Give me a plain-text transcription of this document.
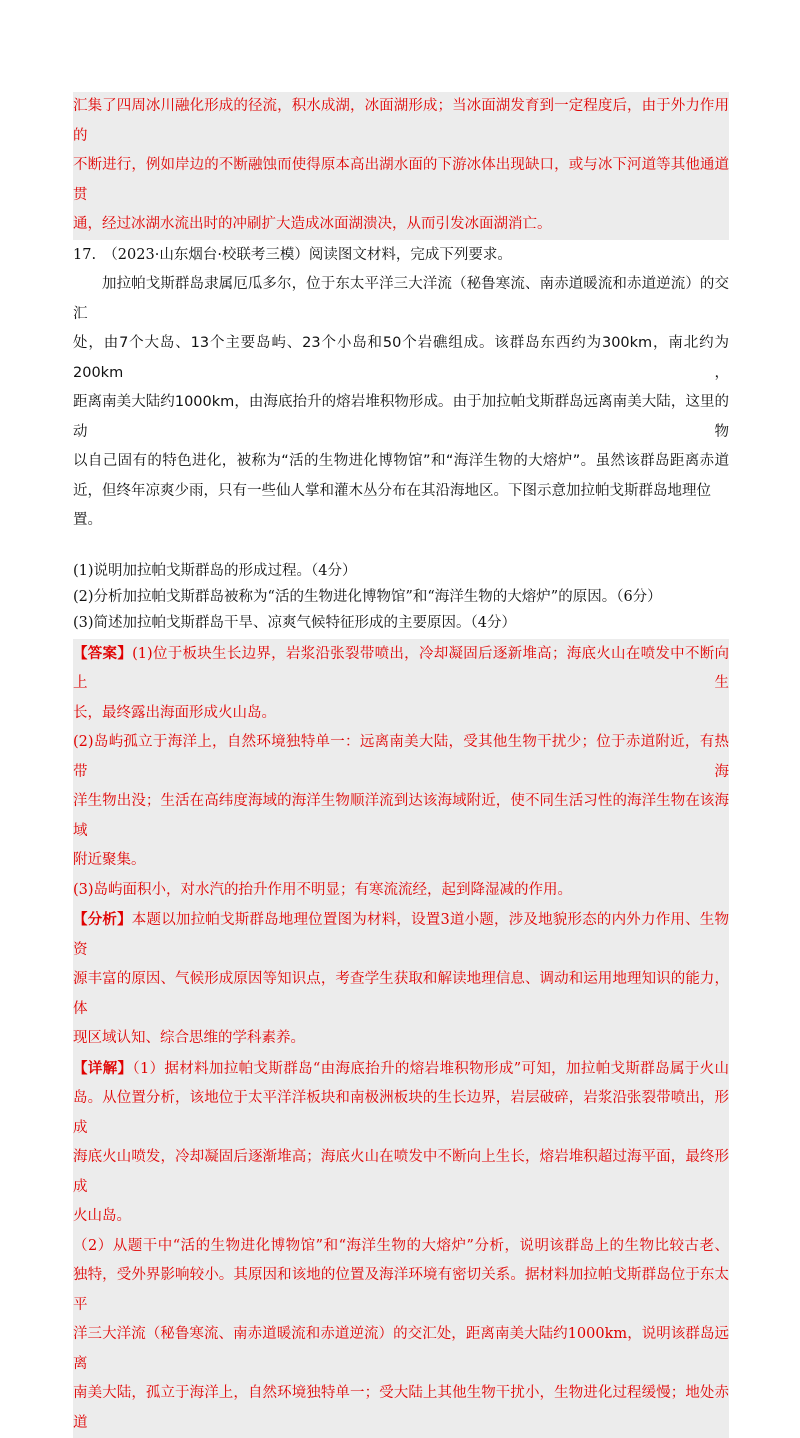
汇集了四周冰川融化形成的径流，积水成湖，冰面湖形成；当冰面湖发育到一定程度后，由于外力作用的

不断进行，例如岸边的不断融蚀而使得原本高出湖水面的下游冰体出现缺口，或与冰下河道等其他通道贯

通，经过冰湖水流出时的冲刷扩大造成冰面湖溃决，从而引发冰面湖消亡。

17.　（2023·山东烟台·校联考三模）阅读图文材料，完成下列要求。

加拉帕戈斯群岛隶属厄瓜多尔，位于东太平洋三大洋流（秘鲁寒流、南赤道暖流和赤道逆流）的交汇

处，由7个大岛、13个主要岛屿、23个小岛和50个岩礁组成。该群岛东西约为300km，南北约为200km，

距离南美大陆约1000km，由海底抬升的熔岩堆积物形成。由于加拉帕戈斯群岛远离南美大陆，这里的动物

以自己固有的特色进化，被称为“活的生物进化博物馆”和“海洋生物的大熔炉”。虽然该群岛距离赤道

近，但终年凉爽少雨，只有一些仙人掌和灌木丛分布在其沿海地区。下图示意加拉帕戈斯群岛地理位置。

(1)说明加拉帕戈斯群岛的形成过程。（4分）

(2)分析加拉帕戈斯群岛被称为“活的生物进化博物馆”和“海洋生物的大熔炉”的原因。（6分）

(3)简述加拉帕戈斯群岛干旱、凉爽气候特征形成的主要原因。（4分）

【答案】(1)位于板块生长边界，岩浆沿张裂带喷出，冷却凝固后逐新堆高；海底火山在喷发中不断向上生

长，最终露出海面形成火山岛。

(2)岛屿孤立于海洋上，自然环境独特单一：远离南美大陆，受其他生物干扰少；位于赤道附近，有热带海

洋生物出没；生活在高纬度海域的海洋生物顺洋流到达该海域附近，使不同生活习性的海洋生物在该海域

附近聚集。

(3)岛屿面积小，对水汽的抬升作用不明显；有寒流流经，起到降湿减的作用。

【分析】本题以加拉帕戈斯群岛地理位置图为材料，设置3道小题，涉及地貌形态的内外力作用、生物资

源丰富的原因、气候形成原因等知识点，考查学生获取和解读地理信息、调动和运用地理知识的能力，体

现区域认知、综合思维的学科素养。

【详解】（1）据材料加拉帕戈斯群岛“由海底抬升的熔岩堆积物形成”可知，加拉帕戈斯群岛属于火山

岛。从位置分析，该地位于太平洋洋板块和南极洲板块的生长边界，岩层破碎，岩浆沿张裂带喷出，形成

海底火山喷发，冷却凝固后逐渐堆高；海底火山在喷发中不断向上生长，熔岩堆积超过海平面，最终形成

火山岛。

（2）从题干中“活的生物进化博物馆”和“海洋生物的大熔炉”分析，说明该群岛上的生物比较古老、

独特，受外界影响较小。其原因和该地的位置及海洋环境有密切关系。据材料加拉帕戈斯群岛位于东太平

洋三大洋流（秘鲁寒流、南赤道暖流和赤道逆流）的交汇处，距离南美大陆约1000km，说明该群岛远离

南美大陆，孤立于海洋上，自然环境独特单一；受大陆上其他生物干扰小，生物进化过程缓慢；地处赤道
